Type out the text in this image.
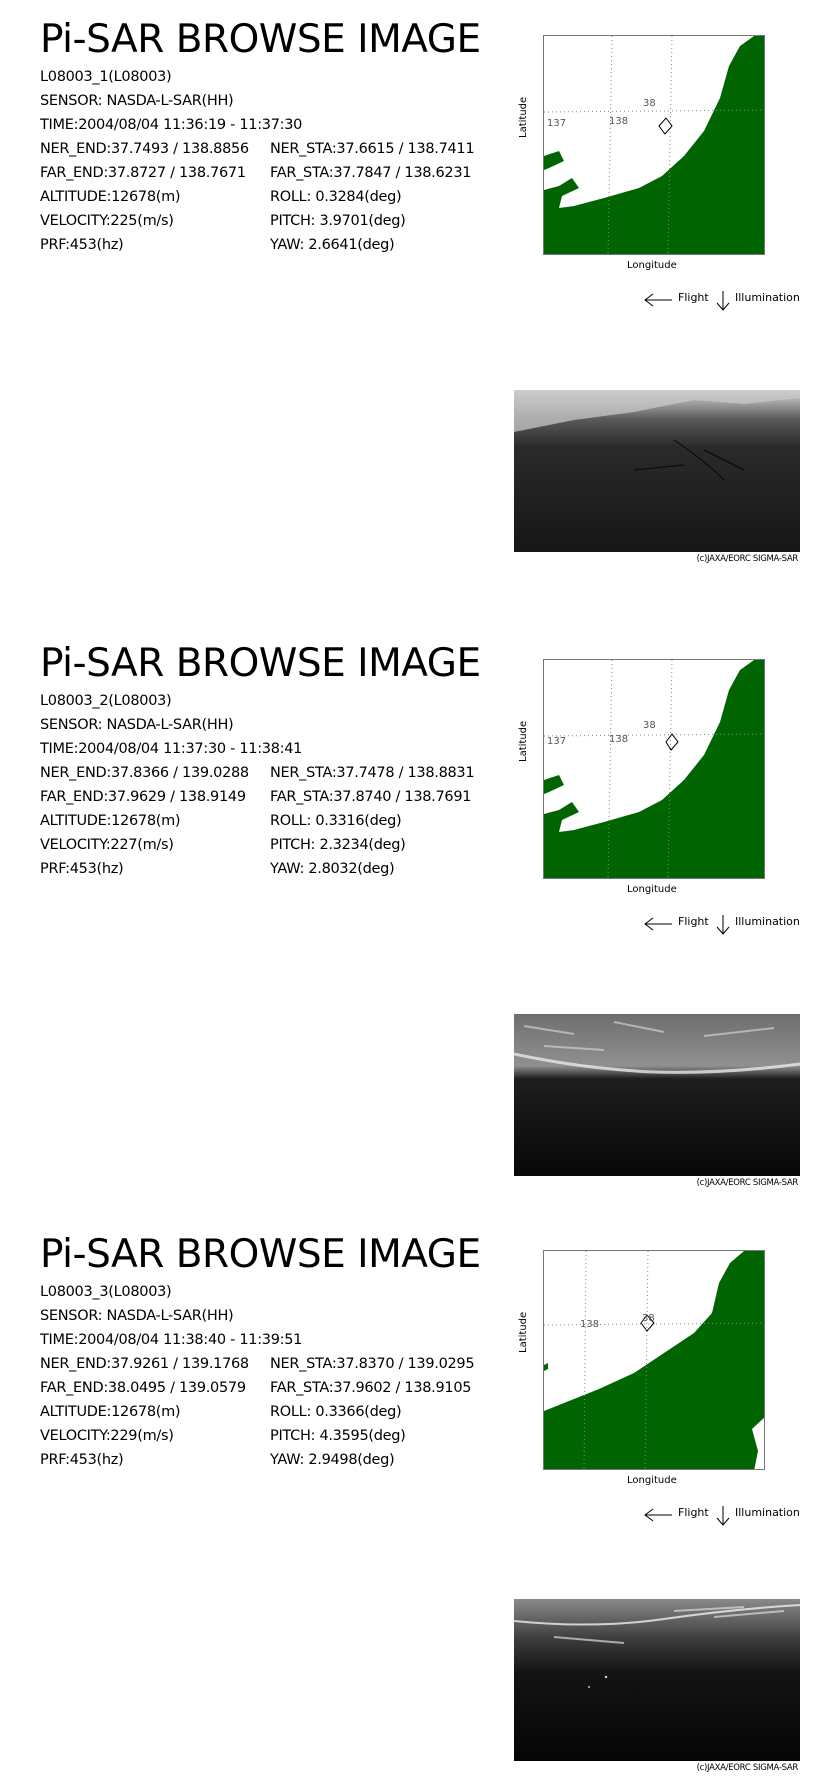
Pi-SAR BROWSE IMAGE
L08003_1(L08003)
SENSOR: NASDA-L-SAR(HH)
TIME:2004/08/04 11:36:19 - 11:37:30
NER_END:37.7493 / 138.8856 NER_STA:37.6615 / 138.7411
FAR_END:37.8727 / 138.7671 FAR_STA:37.7847 / 138.6231
ALTITUDE:12678(m)	ROLL: 0.3284(deg)
VELOCITY:225(m/s)	PITCH: 3.9701(deg)
PRF:453(hz)	YAW: 2.6641(deg)
137	138
38
Latitude
Longitude
Flight Illumination
(c)JAXA/EORC SIGMA-SAR
Pi-SAR BROWSE IMAGE
L08003_2(L08003)
SENSOR: NASDA-L-SAR(HH)
TIME:2004/08/04 11:37:30 - 11:38:41
NER_END:37.8366 / 139.0288 NER_STA:37.7478 / 138.8831
FAR_END:37.9629 / 138.9149 FAR_STA:37.8740 / 138.7691
ALTITUDE:12678(m)	ROLL: 0.3316(deg)
VELOCITY:227(m/s)	PITCH: 2.3234(deg)
PRF:453(hz)	YAW: 2.8032(deg)
137	138
38
Latitude
Longitude
Flight Illumination
(c)JAXA/EORC SIGMA-SAR
Pi-SAR BROWSE IMAGE
L08003_3(L08003)
SENSOR: NASDA-L-SAR(HH)
TIME:2004/08/04 11:38:40 - 11:39:51
NER_END:37.9261 / 139.1768 NER_STA:37.8370 / 139.0295
FAR_END:38.0495 / 139.0579 FAR_STA:37.9602 / 138.9105
ALTITUDE:12678(m)	ROLL: 0.3366(deg)
VELOCITY:229(m/s)	PITCH: 4.3595(deg)
PRF:453(hz)	YAW: 2.9498(deg)
138
38
Latitude
Longitude
Flight Illumination
(c)JAXA/EORC SIGMA-SAR
